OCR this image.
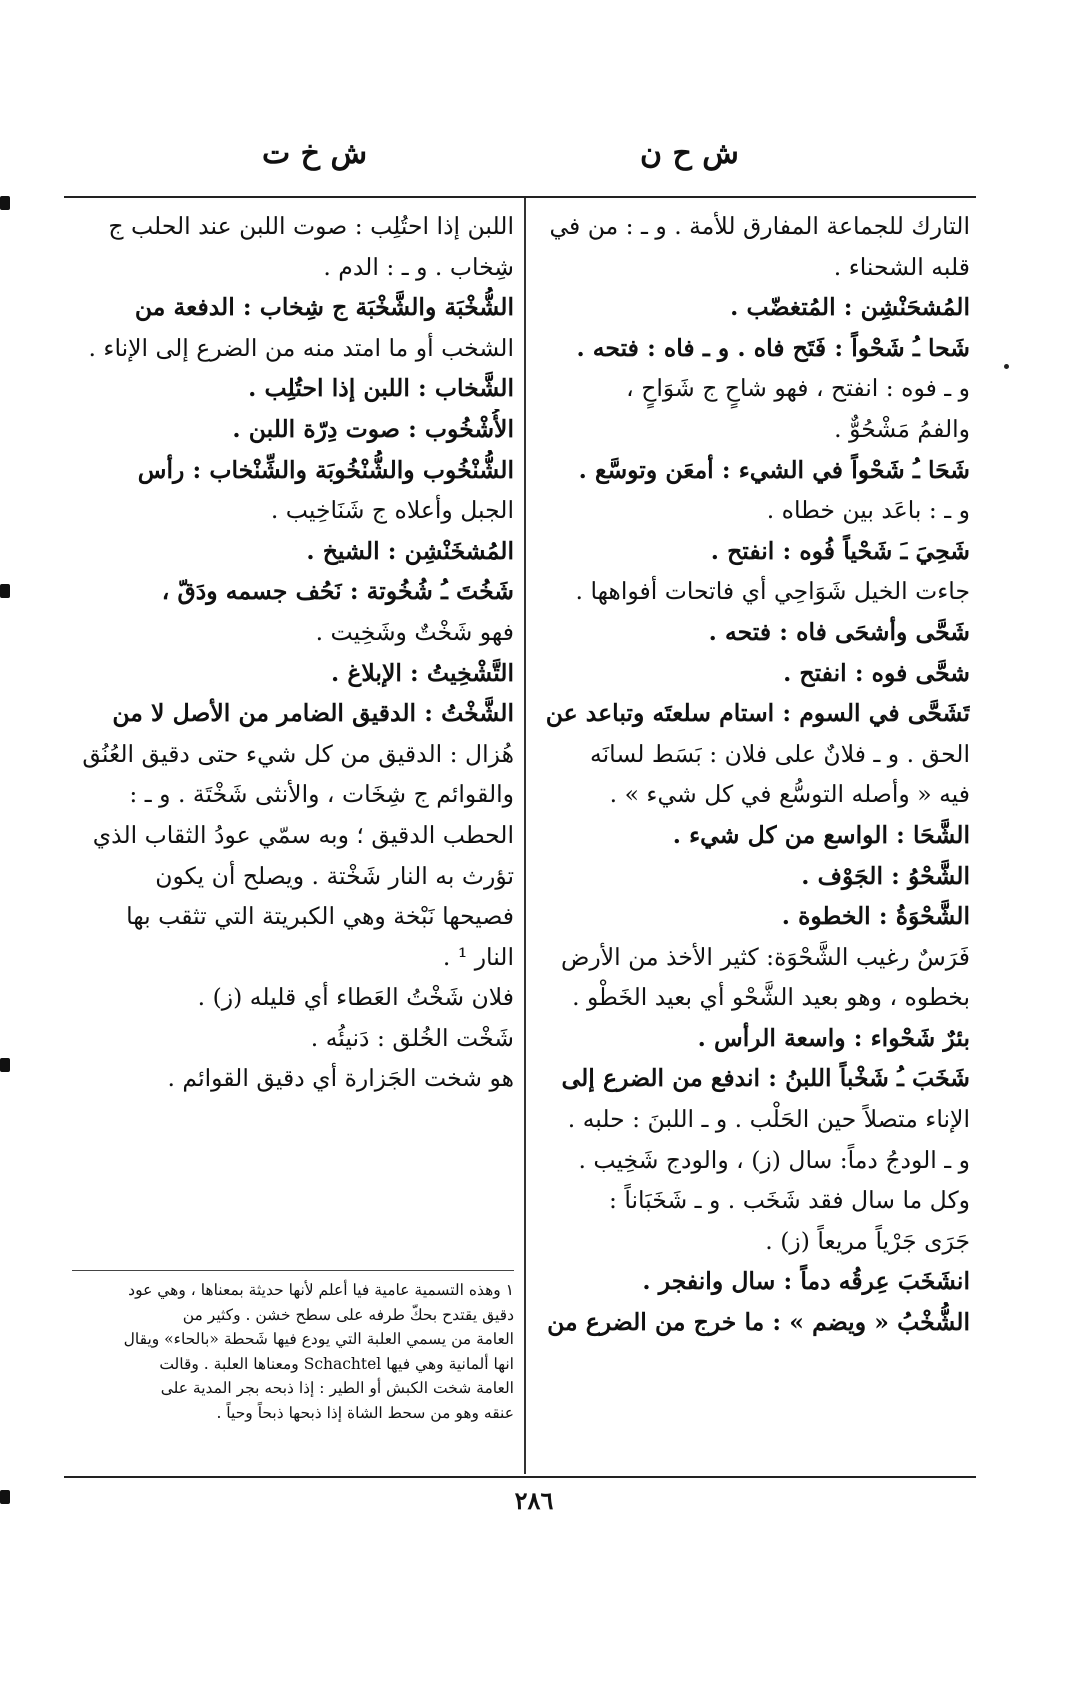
ش ح ن
ش خ ت
التارك للجماعة المفارق للأمة . و ـ : من في
قلبه الشحناء .
المُشحَنْشِن : المُتغضّب .
شَحا ـُ شَحْواً : فَتَح فاه . و ـ فاه : فتحه .
و ـ فوه : انفتح ، فهو شاحٍ ج شَوَاحٍ ،
والفمُ مَشْحُوٌّ .
شَحَا ـُ شَحْواً في الشيء : أمعَن وتوسَّع .
و ـ : باعَد بين خطاه .
شَحِيَ ـَ شَحْياً فُوه : انفتح .
جاءت الخيل شَوَاحِي أي فاتحات أفواهها .
شَحَّى وأشحَى فاه : فتحه .
شحَّى فوه : انفتح .
تَشَحَّى في السوم : استام سلعتَه وتباعد عن
الحق . و ـ فلانٌ على فلان : بَسَط لسانَه
فيه « وأصله التوسُّع في كل شيء » .
الشَّحَا : الواسع من كل شيء .
الشَّحْوُ : الجَوْف .
الشَّحْوَةُ : الخطوة .
فَرَسٌ رغيب الشَّحْوَة: كثير الأخذ من الأرض
بخطوه ، وهو بعيد الشَّحْو أي بعيد الخَطْو .
بئرٌ شَحْواء : واسعة الرأس .
شَخَبَ ـُ شَخْباً اللبنُ : اندفع من الضرع إلى
الإناء متصلاً حين الحَلْب . و ـ اللبنَ : حلبه .
و ـ الودجُ دماً: سال (ز) ، والودج شَخِيب .
وكل ما سال فقد شَخَب . و ـ شَخَبَاناً :
جَرَى جَرْياً مريعاً (ز) .
انشَخَبَ عِرقُه دماً : سال وانفجر .
الشُّخْبُ « ويضم » : ما خرج من الضرع من
اللبن إذا احتُلِب : صوت اللبن عند الحلب ج
شِخاب . و ـ : الدم .
الشُّخْبَة والشَّخْبَة ج شِخاب : الدفعة من
الشخب أو ما امتد منه من الضرع إلى الإناء .
الشَّخاب : اللبن إذا احتُلِب .
الأُشْخُوب : صوت دِرّة اللبن .
الشُّنْخُوب والشُّنْخُوبَة والشِّنْخاب : رأس
الجبل وأعلاه ج شَنَاخِيب .
المُشخَنْشِن : الشيخ .
شَخُتَ ـُ شُخُوتة : نَحُف جسمه ودَقّ ،
فهو شَخْتٌ وشَخِيت .
التَّشْخِيتُ : الإبلاغ .
الشَّخْتُ : الدقيق الضامر من الأصل لا من
هُزال : الدقيق من كل شيء حتى دقيق العُنُق
والقوائم ج شِخَات ، والأنثى شَخْتَة . و ـ :
الحطب الدقيق ؛ وبه سمّي عودُ الثقاب الذي
تؤرث به النار شَخْتة . ويصلح أن يكون
فصيحها نَبْخة وهي الكبريتة التي تثقب بها
النار ¹ .
فلان شَخْتُ العَطاء أي قليله (ز) .
شَخْت الخُلق : دَنيئُه .
هو شخت الجَزارة أي دقيق القوائم .
١ وهذه التسمية عامية فيا أعلم لأنها حديثة بمعناها ، وهي عود
دقيق يقتدح بحكّ طرفه على سطح خشن . وكثير من
العامة من يسمي العلبة التي يودع فيها شَحطة «بالحاء» ويقال
انها ألمانية وهي فيها Schachtel ومعناها العلبة . وقالت
العامة شخت الكبش أو الطير : إذا ذبحه بجر المدية على
عنقه وهو من سحط الشاة إذا ذبحها ذبحاً وحياً .
٢٨٦
